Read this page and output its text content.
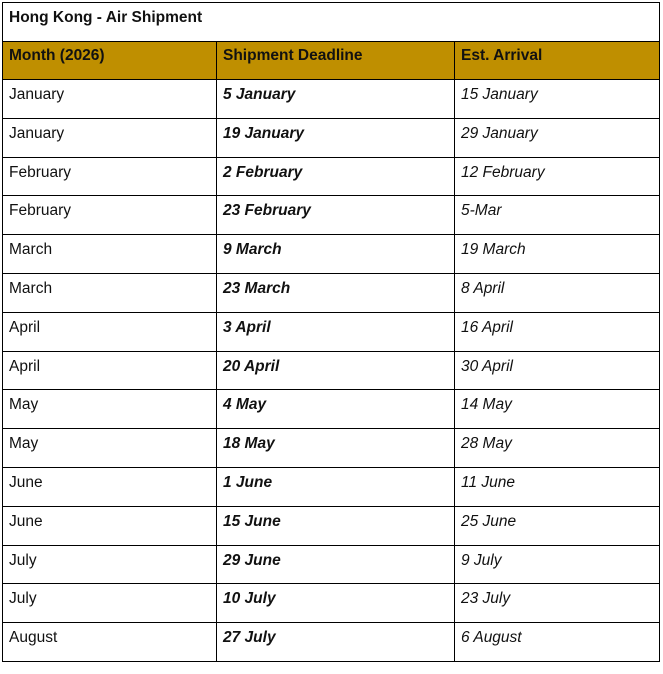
Hong Kong - Air Shipment		
Month (2026)	Shipment Deadline	Est. Arrival
January	5 January	15 January
January	19 January	29 January
February	2 February	12 February
February	23 February	5-Mar
March	9 March	19 March
March	23 March	8 April
April	3 April	16 April
April	20 April	30 April
May	4 May	14 May
May	18 May	28 May
June	1 June	11 June
June	15 June	25 June
July	29 June	9 July
July	10 July	23 July
August	27 July	6 August
